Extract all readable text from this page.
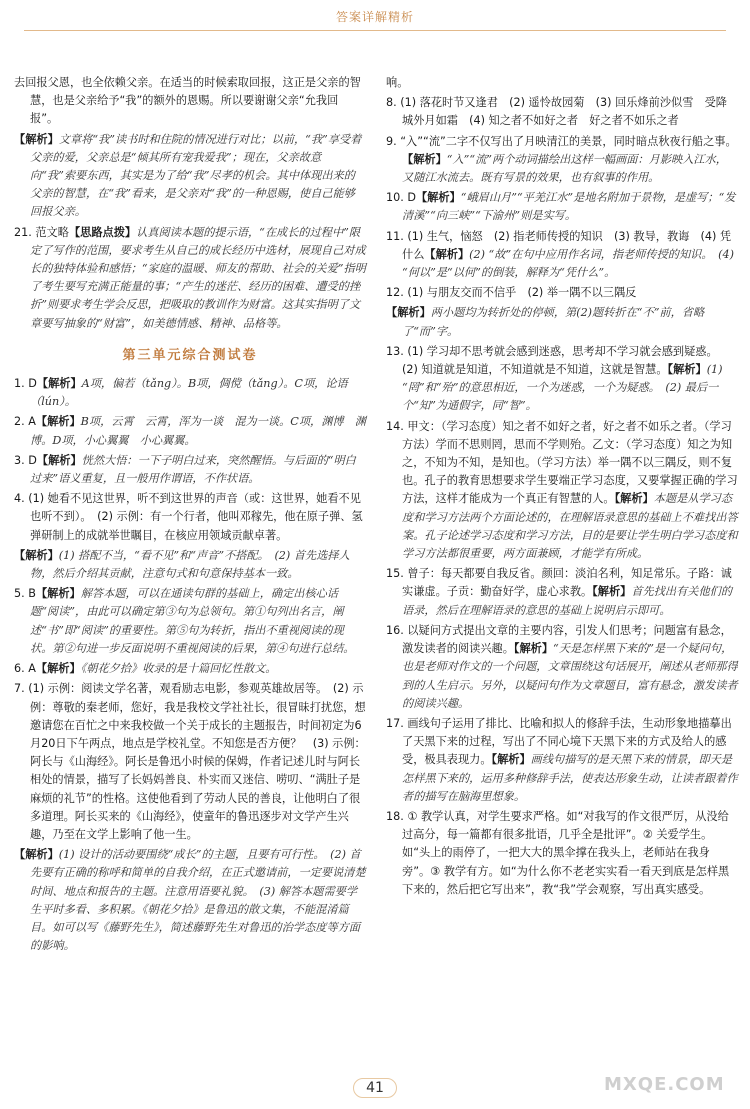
答案详解精析
去回报父恩，也全依赖父亲。在适当的时候索取回报，这正是父亲的智慧，也是父亲给予“我”的额外的恩赐。所以要谢谢父亲“允我回报”。
【解析】文章将“我”读书时和住院的情况进行对比；以前，“我”享受着父亲的爱，父亲总是“倾其所有宠我爱我”；现在，父亲故意向“我”索要东西，其实是为了给“我”尽孝的机会。其中体现出来的父亲的智慧，在“我”看来，是父亲对“我”的一种恩赐，使自己能够回报父亲。
21. 范文略【思路点拨】认真阅读本题的提示语，“在成长的过程中”限定了写作的范围，要求考生从自己的成长经历中选材，展现自己对成长的独特体验和感悟；“家庭的温暖、师友的帮助、社会的关爱”指明了考生要写充满正能量的事；“产生的迷茫、经历的困难、遭受的挫折”则要求考生学会反思，把吸取的教训作为财富。这其实指明了文章要写抽象的“财富”，如美德情感、精神、品格等。
第三单元综合测试卷
1. D【解析】A项，偏若（tǎng）。B项，倜傥（tǎng）。C项，论语（lún）。
2. A【解析】B项，云霄　云霄，浑为一谈　混为一谈。C项，渊博　渊博。D项，小心翼翼　小心翼翼。
3. D【解析】恍然大悟：一下子明白过来，突然醒悟。与后面的“明白过来”语义重复，且一般用作谓语，不作状语。
4. (1) 她看不见这世界，听不到这世界的声音（或：这世界，她看不见也听不到）。　(2) 示例：有一个行者，他叫邓稼先，他在原子弹、氢弹研制上的成就举世瞩目，在核应用领域贡献卓著。
【解析】(1) 搭配不当，“看不见”和“声音”不搭配。　(2) 首先选择人物，然后介绍其贡献，注意句式和句意保持基本一致。
5. B【解析】解答本题，可以在通读句群的基础上，确定出核心话题“阅读”，由此可以确定第③句为总领句。第①句列出名言，阐述“书”即“阅读”的重要性。第⑤句为转折，指出不重视阅读的现状。第②句进一步反面说明不重视阅读的后果，第④句进行总结。
6. A【解析】《朝花夕拾》收录的是十篇回忆性散文。
7. (1) 示例：阅读文学名著，观看励志电影，参观英雄故居等。　(2) 示例：尊敬的秦老师，您好，我是我校文学社社长，很冒昧打扰您，想邀请您在百忙之中来我校做一个关于成长的主题报告，时间初定为6月20日下午两点，地点是学校礼堂。不知您是否方便？　(3) 示例：阿长与《山海经》。阿长是鲁迅小时候的保姆，作者记述儿时与阿长相处的情景，描写了长妈妈善良、朴实而又迷信、唠叨、“满肚子是麻烦的礼节”的性格。这使他看到了劳动人民的善良，让他明白了很多道理。阿长买来的《山海经》，使童年的鲁迅逐步对文学产生兴趣，乃至在文学上影响了他一生。
【解析】(1) 设计的活动要围绕“成长”的主题，且要有可行性。　(2) 首先要有正确的称呼和简单的自我介绍，在正式邀请前，一定要说清楚时间、地点和报告的主题。注意用语要礼貌。　(3) 解答本题需要学生平时多看、多积累。《朝花夕拾》是鲁迅的散文集，不能混淆篇目。如可以写《藤野先生》，简述藤野先生对鲁迅的治学态度等方面的影响。
响。
8. (1) 落花时节又逢君　(2) 遥怜故园菊　(3) 回乐烽前沙似雪　受降城外月如霜　(4) 知之者不如好之者　好之者不如乐之者
9. “入”“流”二字不仅写出了月映清江的美景，同时暗点秋夜行船之事。【解析】“入”“流”两个动词描绘出这样一幅画面：月影映入江水，又随江水流去。既有写景的效果，也有叙事的作用。
10. D【解析】“峨眉山月”“平羌江水”是地名附加于景物，是虚写；“发清溪”“向三峡”“下渝州”则是实写。
11. (1) 生气，恼怒　(2) 指老师传授的知识　(3) 教导，教诲　(4) 凭什么【解析】(2) “故”在句中应用作名词，指老师传授的知识。　(4) “何以”是“以何”的倒装，解释为“凭什么”。
12. (1) 与朋友交而不信乎　(2) 举一隅不以三隅反
【解析】两小题均为转折处的停顿，第(2)题转折在“不”前，省略了“而”字。
13. (1) 学习却不思考就会感到迷惑，思考却不学习就会感到疑惑。　(2) 知道就是知道，不知道就是不知道，这就是智慧。【解析】(1) “罔”和“殆”的意思相近，一个为迷惑，一个为疑惑。　(2) 最后一个“知”为通假字，同“智”。
14. 甲文：（学习态度）知之者不如好之者，好之者不如乐之者。（学习方法）学而不思则罔，思而不学则殆。乙文：（学习态度）知之为知之，不知为不知，是知也。（学习方法）举一隅不以三隅反，则不复也。孔子的教育思想要求学生要端正学习态度，又要掌握正确的学习方法，这样才能成为一个真正有智慧的人。【解析】本题是从学习态度和学习方法两个方面论述的，在理解语录意思的基础上不难找出答案。孔子论述学习态度和学习方法，目的是要让学生明白学习态度和学习方法都很重要，两方面兼顾，才能学有所成。
15. 曾子：每天都要自我反省。颜回：淡泊名利，知足常乐。子路：诚实谦虚。子贡：勤奋好学，虚心求教。【解析】首先找出有关他们的语录，然后在理解语录的意思的基础上说明启示即可。
16. 以疑问方式提出文章的主要内容，引发人们思考；问题富有悬念，激发读者的阅读兴趣。【解析】“天是怎样黑下来的”是一个疑问句，也是老师对作文的一个问题，文章围绕这句话展开，阐述从老师那得到的人生启示。另外，以疑问句作为文章题目，富有悬念，激发读者的阅读兴趣。
17. 画线句子运用了排比、比喻和拟人的修辞手法，生动形象地描摹出了天黑下来的过程，写出了不同心境下天黑下来的方式及给人的感受，极具表现力。【解析】画线句描写的是天黑下来的情景，即天是怎样黑下来的，运用多种修辞手法，使表达形象生动，让读者跟着作者的描写在脑海里想象。
18. ① 教学认真，对学生要求严格。如“对我写的作文很严厉，从没给过高分，每一篇都有很多批语，几乎全是批评”。② 关爱学生。如“头上的雨停了，一把大大的黑伞撑在我头上，老师站在我身旁”。③ 教学有方。如“为什么你不老老实实看一看天到底是怎样黑下来的，然后把它写出来”，教“我”学会观察，写出真实感受。
41	MXQE.COM
